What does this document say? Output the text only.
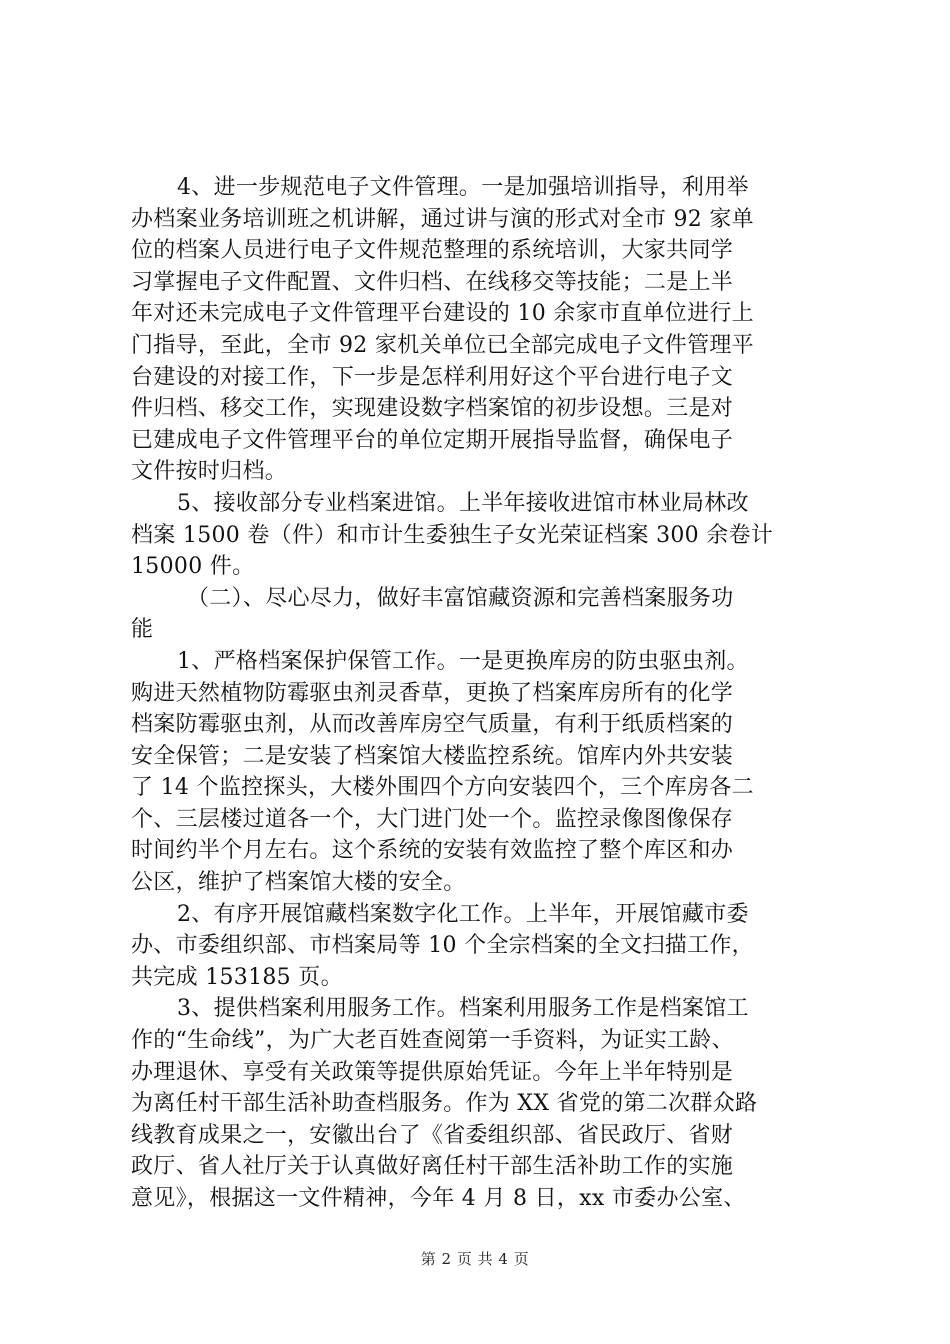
4、进一步规范电子文件管理。一是加强培训指导，利用举

办档案业务培训班之机讲解，通过讲与演的形式对全市 92 家单

位的档案人员进行电子文件规范整理的系统培训，大家共同学

习掌握电子文件配置、文件归档、在线移交等技能；二是上半

年对还未完成电子文件管理平台建设的 10 余家市直单位进行上

门指导，至此，全市 92 家机关单位已全部完成电子文件管理平

台建设的对接工作，下一步是怎样利用好这个平台进行电子文

件归档、移交工作，实现建设数字档案馆的初步设想。三是对

已建成电子文件管理平台的单位定期开展指导监督，确保电子

文件按时归档。

5、接收部分专业档案进馆。上半年接收进馆市林业局林改

档案 1500 卷（件）和市计生委独生子女光荣证档案 300 余卷计

15000 件。

（二）、尽心尽力，做好丰富馆藏资源和完善档案服务功

能

1、严格档案保护保管工作。一是更换库房的防虫驱虫剂。

购进天然植物防霉驱虫剂灵香草，更换了档案库房所有的化学

档案防霉驱虫剂，从而改善库房空气质量，有利于纸质档案的

安全保管；二是安装了档案馆大楼监控系统。馆库内外共安装

了 14 个监控探头，大楼外围四个方向安装四个，三个库房各二

个、三层楼过道各一个，大门进门处一个。监控录像图像保存

时间约半个月左右。这个系统的安装有效监控了整个库区和办

公区，维护了档案馆大楼的安全。

2、有序开展馆藏档案数字化工作。上半年，开展馆藏市委

办、市委组织部、市档案局等 10 个全宗档案的全文扫描工作，

共完成 153185 页。

3、提供档案利用服务工作。档案利用服务工作是档案馆工

作的“生命线”，为广大老百姓查阅第一手资料，为证实工龄、

办理退休、享受有关政策等提供原始凭证。今年上半年特别是

为离任村干部生活补助查档服务。作为 XX 省党的第二次群众路

线教育成果之一，安徽出台了《省委组织部、省民政厅、省财

政厅、省人社厅关于认真做好离任村干部生活补助工作的实施

意见》，根据这一文件精神，今年 4 月 8 日，xx 市委办公室、

第 2 页 共 4 页
